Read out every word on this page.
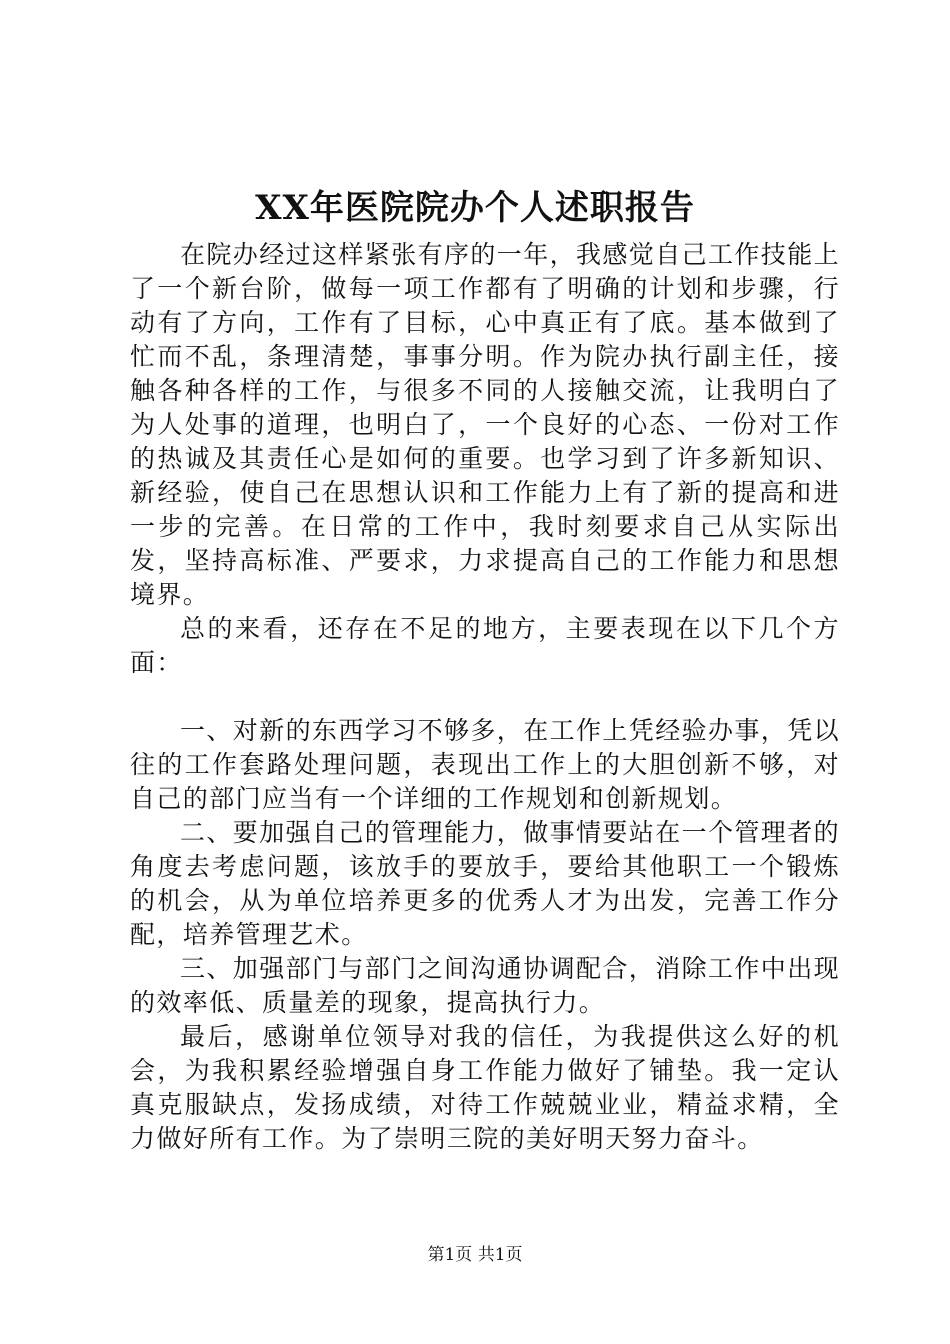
XX年医院院办个人述职报告

在院办经过这样紧张有序的一年，我感觉自己工作技能上了一个新台阶，做每一项工作都有了明确的计划和步骤，行动有了方向，工作有了目标，心中真正有了底。基本做到了忙而不乱，条理清楚，事事分明。作为院办执行副主任，接触各种各样的工作，与很多不同的人接触交流，让我明白了为人处事的道理，也明白了，一个良好的心态、一份对工作的热诚及其责任心是如何的重要。也学习到了许多新知识、新经验，使自己在思想认识和工作能力上有了新的提高和进一步的完善。在日常的工作中，我时刻要求自己从实际出发，坚持高标准、严要求，力求提高自己的工作能力和思想境界。

总的来看，还存在不足的地方，主要表现在以下几个方面：

一、对新的东西学习不够多，在工作上凭经验办事，凭以往的工作套路处理问题，表现出工作上的大胆创新不够，对自己的部门应当有一个详细的工作规划和创新规划。

二、要加强自己的管理能力，做事情要站在一个管理者的角度去考虑问题，该放手的要放手，要给其他职工一个锻炼的机会，从为单位培养更多的优秀人才为出发，完善工作分配，培养管理艺术。

三、加强部门与部门之间沟通协调配合，消除工作中出现的效率低、质量差的现象，提高执行力。

最后，感谢单位领导对我的信任，为我提供这么好的机会，为我积累经验增强自身工作能力做好了铺垫。我一定认真克服缺点，发扬成绩，对待工作兢兢业业，精益求精，全力做好所有工作。为了崇明三院的美好明天努力奋斗。

第1页 共1页
